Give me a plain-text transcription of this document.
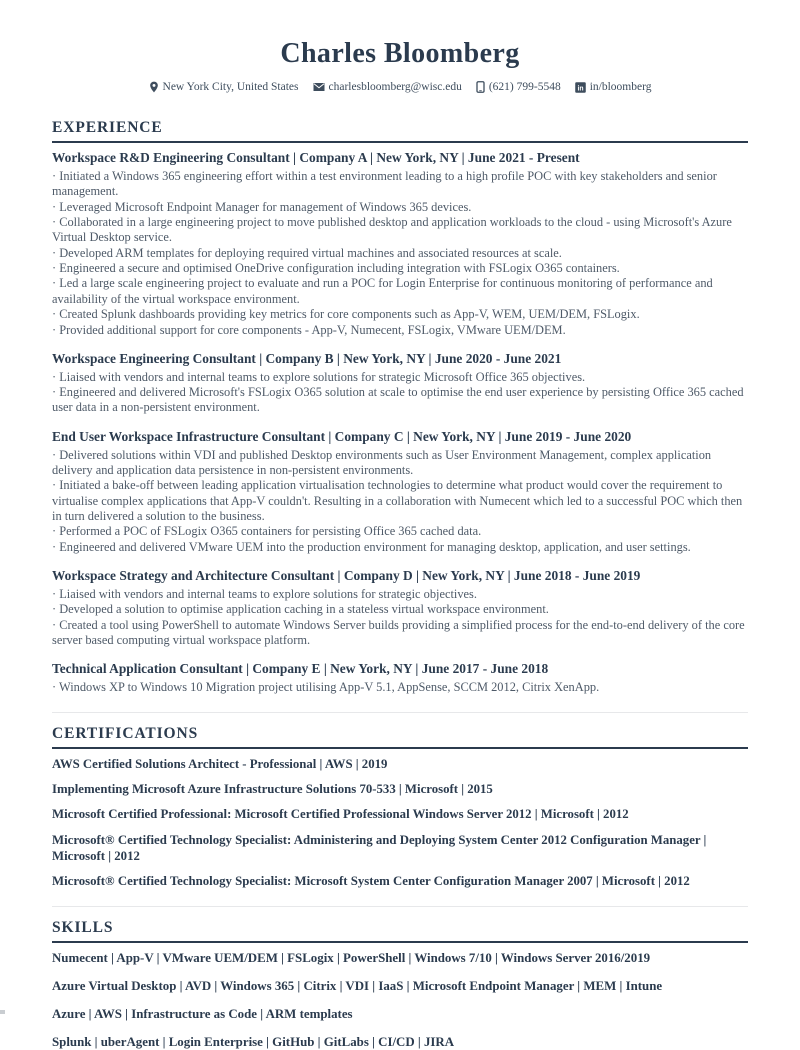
Charles Bloomberg
New York City, United States	charlesbloomberg@wisc.edu (621) 799-5548 in in/bloomberg
EXPERIENCE
Workspace R&D Engineering Consultant | Company A | New York, NY | June 2021 - Present
· Initiated a Windows 365 engineering effort within a test environment leading to a high profile POC with key stakeholders and senior management.
· Leveraged Microsoft Endpoint Manager for management of Windows 365 devices.
· Collaborated in a large engineering project to move published desktop and application workloads to the cloud - using Microsoft's Azure Virtual Desktop service.
· Developed ARM templates for deploying required virtual machines and associated resources at scale.
· Engineered a secure and optimised OneDrive configuration including integration with FSLogix O365 containers.
· Led a large scale engineering project to evaluate and run a POC for Login Enterprise for continuous monitoring of performance and availability of the virtual workspace environment.
· Created Splunk dashboards providing key metrics for core components such as App-V, WEM, UEM/DEM, FSLogix.
· Provided additional support for core components - App-V, Numecent, FSLogix, VMware UEM/DEM.
Workspace Engineering Consultant | Company B | New York, NY | June 2020 - June 2021
· Liaised with vendors and internal teams to explore solutions for strategic Microsoft Office 365 objectives.
· Engineered and delivered Microsoft's FSLogix O365 solution at scale to optimise the end user experience by persisting Office 365 cached user data in a non-persistent environment.
End User Workspace Infrastructure Consultant | Company C | New York, NY | June 2019 - June 2020
· Delivered solutions within VDI and published Desktop environments such as User Environment Management, complex application delivery and application data persistence in non-persistent environments.
· Initiated a bake-off between leading application virtualisation technologies to determine what product would cover the requirement to virtualise complex applications that App-V couldn't. Resulting in a collaboration with Numecent which led to a successful POC which then in turn delivered a solution to the business.
· Performed a POC of FSLogix O365 containers for persisting Office 365 cached data.
· Engineered and delivered VMware UEM into the production environment for managing desktop, application, and user settings.
Workspace Strategy and Architecture Consultant | Company D | New York, NY | June 2018 - June 2019
· Liaised with vendors and internal teams to explore solutions for strategic objectives.
· Developed a solution to optimise application caching in a stateless virtual workspace environment.
· Created a tool using PowerShell to automate Windows Server builds providing a simplified process for the end-to-end delivery of the core server based computing virtual workspace platform.
Technical Application Consultant | Company E | New York, NY | June 2017 - June 2018
· Windows XP to Windows 10 Migration project utilising App-V 5.1, AppSense, SCCM 2012, Citrix XenApp.
CERTIFICATIONS
AWS Certified Solutions Architect - Professional | AWS | 2019
Implementing Microsoft Azure Infrastructure Solutions 70-533 | Microsoft | 2015
Microsoft Certified Professional: Microsoft Certified Professional Windows Server 2012 | Microsoft | 2012
Microsoft® Certified Technology Specialist: Administering and Deploying System Center 2012 Configuration Manager | Microsoft | 2012
Microsoft® Certified Technology Specialist: Microsoft System Center Configuration Manager 2007 | Microsoft | 2012
SKILLS
Numecent | App-V | VMware UEM/DEM | FSLogix | PowerShell | Windows 7/10 | Windows Server 2016/2019
Azure Virtual Desktop | AVD | Windows 365 | Citrix | VDI | IaaS | Microsoft Endpoint Manager | MEM | Intune
Azure | AWS | Infrastructure as Code | ARM templates
Splunk | uberAgent | Login Enterprise | GitHub | GitLabs | CI/CD | JIRA
